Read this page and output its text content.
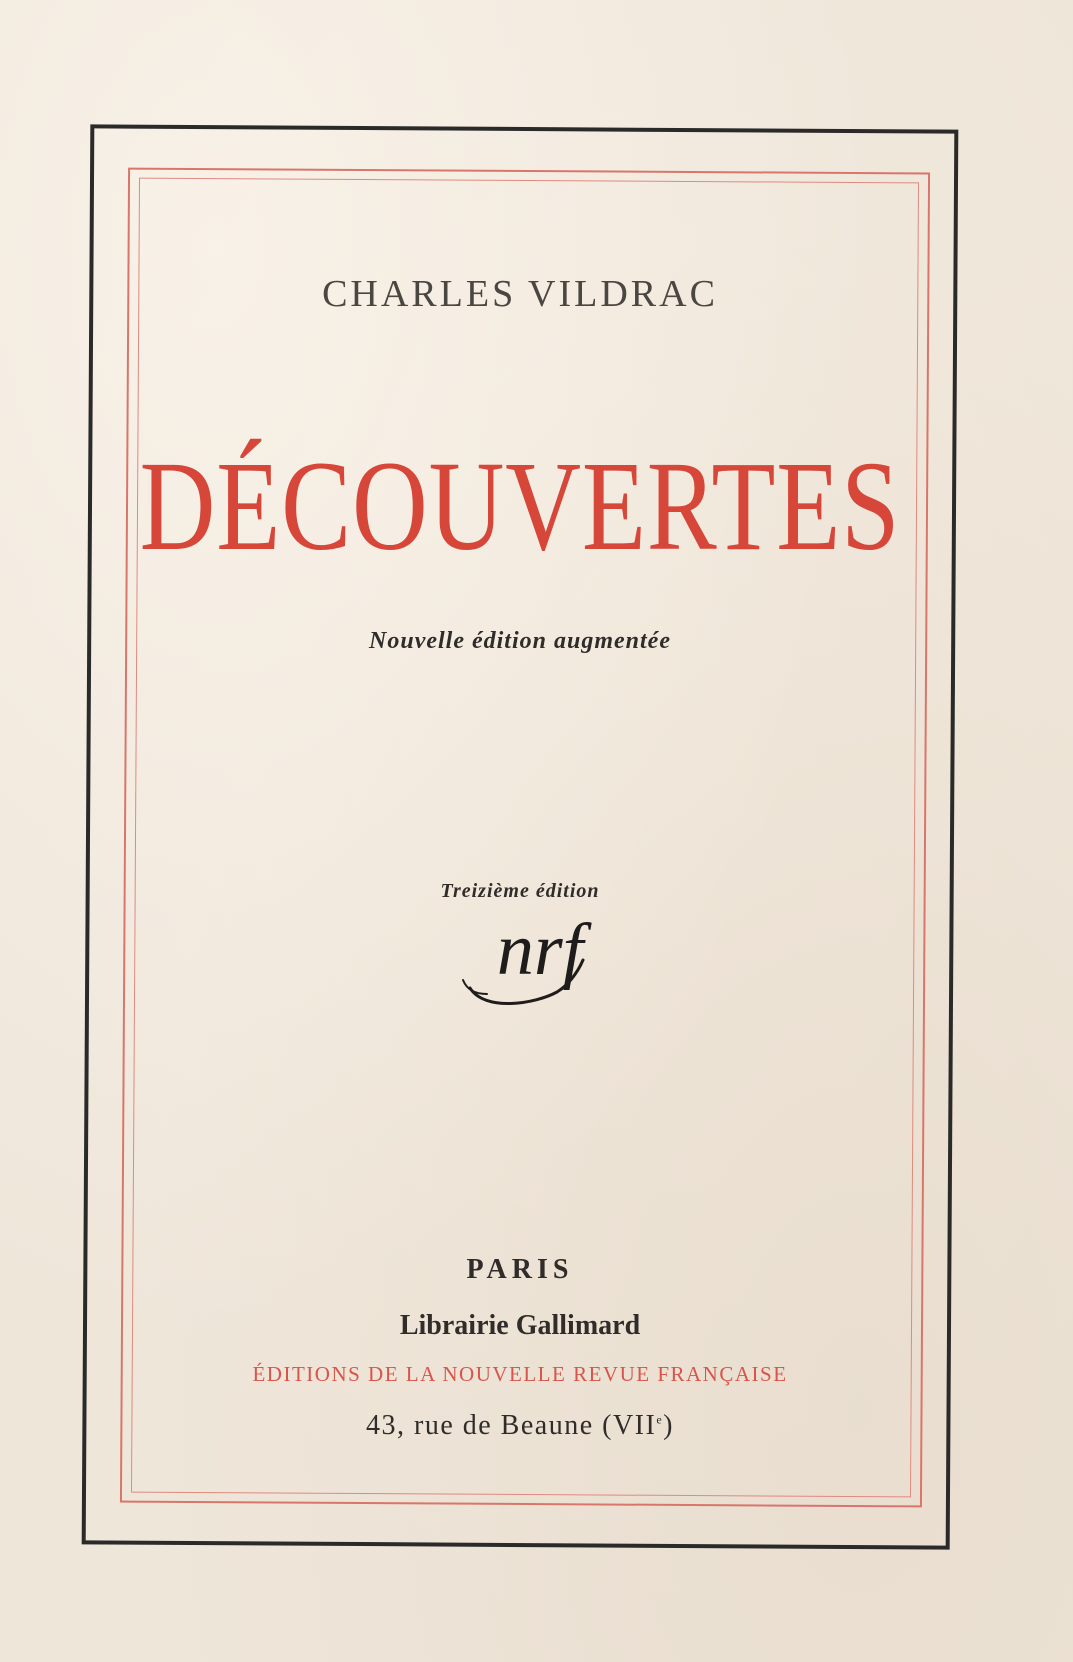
CHARLES VILDRAC
DÉCOUVERTES
Nouvelle édition augmentée
Treizième édition
nrf
PARIS
Librairie Gallimard
ÉDITIONS DE LA NOUVELLE REVUE FRANÇAISE
43, rue de Beaune (VIIe)
